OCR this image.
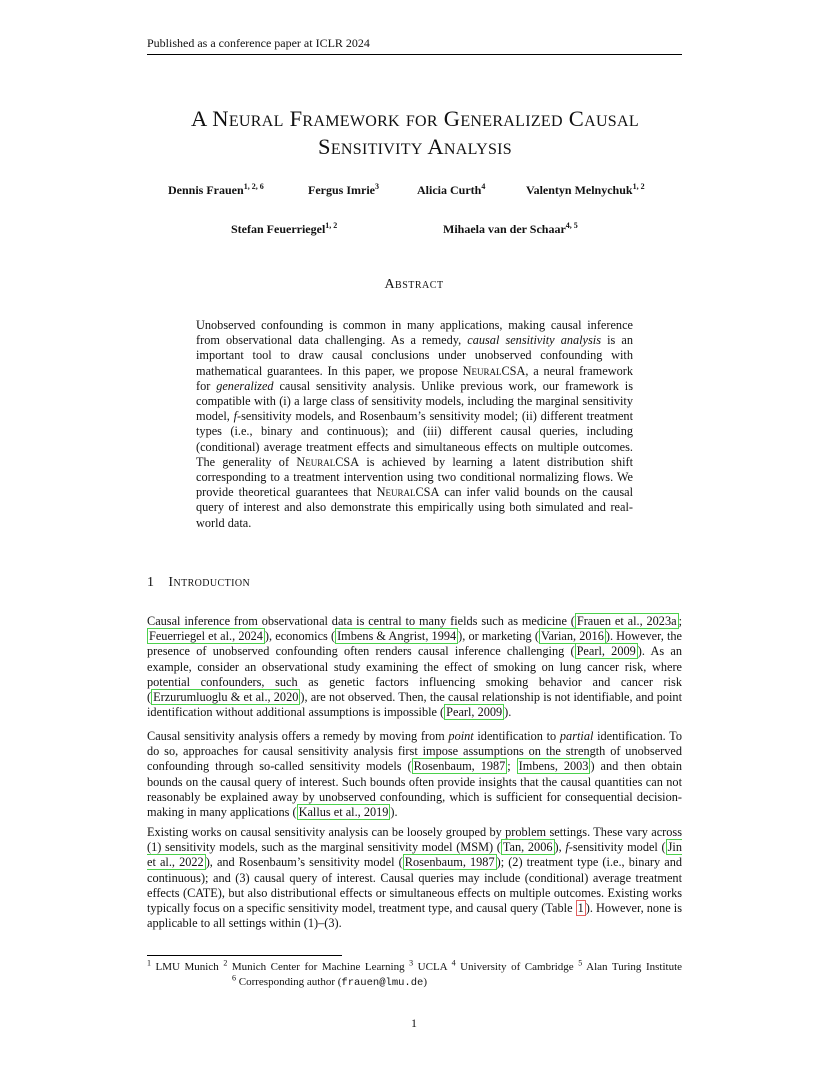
Published as a conference paper at ICLR 2024
A Neural Framework for Generalized Causal
Sensitivity Analysis
Dennis Frauen$^{1, 2, 6}$	Fergus Imrie$^3$	Alicia Curth$^4$	Valentyn Melnychuk$^{1, 2}$
Stefan Feuerriegel$^{1, 2}$	Mihaela van der Schaar$^{4, 5}$
Abstract
Unobserved confounding is common in many applications, making causal inference from observational data challenging. As a remedy, causal sensitivity analysis is an important tool to draw causal conclusions under unobserved confounding with mathematical guarantees. In this paper, we propose NeuralCSA, a neural framework for generalized causal sensitivity analysis. Unlike previous work, our framework is compatible with (i) a large class of sensitivity models, including the marginal sensitivity model, f-sensitivity models, and Rosenbaum’s sensitivity model; (ii) different treatment types (i.e., binary and continuous); and (iii) different causal queries, including (conditional) average treatment effects and simultaneous effects on multiple outcomes. The generality of NeuralCSA is achieved by learning a latent distribution shift corresponding to a treatment intervention using two conditional normalizing flows. We provide theoretical guarantees that NeuralCSA can infer valid bounds on the causal query of interest and also demonstrate this empirically using both simulated and real-world data.
1 Introduction
Causal inference from observational data is central to many fields such as medicine ( Frauen et al., 2023a ; Feuerriegel et al., 2024 ), economics ( Imbens & Angrist, 1994 ), or marketing ( Varian, 2016 ). However, the presence of unobserved confounding often renders causal inference challenging ( Pearl, 2009 ). As an example, consider an observational study examining the effect of smoking on lung cancer risk, where potential confounders, such as genetic factors influencing smoking behavior and cancer risk ( Erzurumluoglu & et al., 2020 ), are not observed. Then, the causal relationship is not identifiable, and point identification without additional assumptions is impossible ( Pearl, 2009 ).
Causal sensitivity analysis offers a remedy by moving from point identification to partial identification. To do so, approaches for causal sensitivity analysis first impose assumptions on the strength of unobserved confounding through so-called sensitivity models ( Rosenbaum, 1987 ; Imbens, 2003 ) and then obtain bounds on the causal query of interest. Such bounds often provide insights that the causal quantities can not reasonably be explained away by unobserved confounding, which is sufficient for consequential decision-making in many applications ( Kallus et al., 2019 ).
Existing works on causal sensitivity analysis can be loosely grouped by problem settings. These vary across (1) sensitivity models, such as the marginal sensitivity model (MSM) ( Tan, 2006 ), f-sensitivity model ( Jin et al., 2022 ), and Rosenbaum’s sensitivity model ( Rosenbaum, 1987 ); (2) treatment type (i.e., binary and continuous); and (3) causal query of interest. Causal queries may include (conditional) average treatment effects (CATE), but also distributional effects or simultaneous effects on multiple outcomes. Existing works typically focus on a specific sensitivity model, treatment type, and causal query (Table 1 ). However, none is applicable to all settings within (1)–(3).
$^1$ LMU Munich $^2$ Munich Center for Machine Learning $^3$ UCLA $^4$ University of Cambridge $^5$ Alan Turing Institute$^6$ Corresponding author (frauen@lmu.de)
1
